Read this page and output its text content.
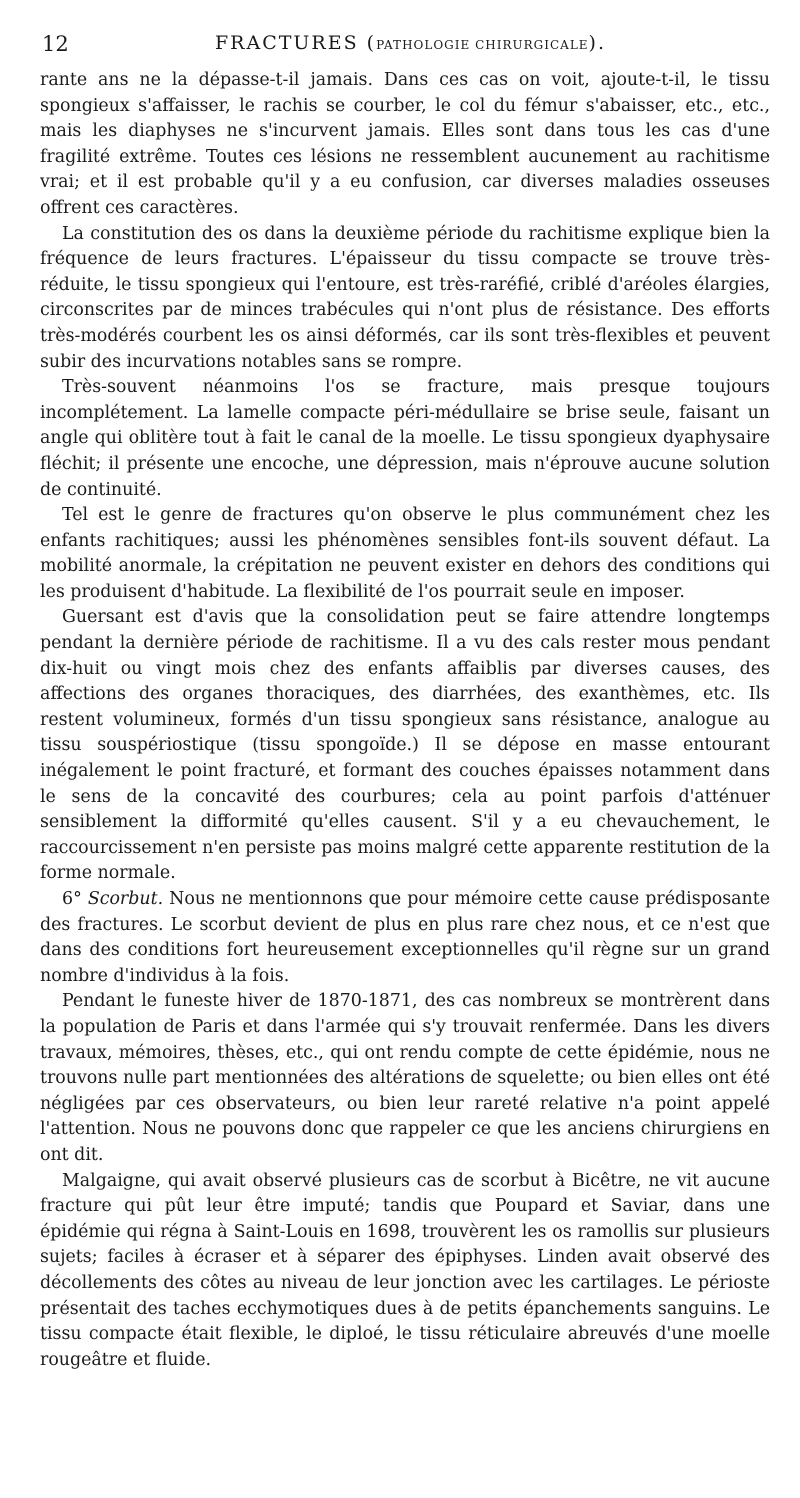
12	FRACTURES (PATHOLOGIE CHIRURGICALE).

rante ans ne la dépasse-t-il jamais. Dans ces cas on voit, ajoute-t-il, le tissu spongieux s'affaisser, le rachis se courber, le col du fémur s'abaisser, etc., etc., mais les diaphyses ne s'incurvent jamais. Elles sont dans tous les cas d'une fragilité extrême. Toutes ces lésions ne ressemblent aucunement au rachitisme vrai; et il est probable qu'il y a eu confusion, car diverses maladies osseuses offrent ces caractères.

La constitution des os dans la deuxième période du rachitisme explique bien la fréquence de leurs fractures. L'épaisseur du tissu compacte se trouve très-réduite, le tissu spongieux qui l'entoure, est très-raréfié, criblé d'aréoles élargies, circonscrites par de minces trabécules qui n'ont plus de résistance. Des efforts très-modérés courbent les os ainsi déformés, car ils sont très-flexibles et peuvent subir des incurvations notables sans se rompre.

Très-souvent néanmoins l'os se fracture, mais presque toujours incomplétement. La lamelle compacte péri-médullaire se brise seule, faisant un angle qui oblitère tout à fait le canal de la moelle. Le tissu spongieux dyaphysaire fléchit; il présente une encoche, une dépression, mais n'éprouve aucune solution de continuité.

Tel est le genre de fractures qu'on observe le plus communément chez les enfants rachitiques; aussi les phénomènes sensibles font-ils souvent défaut. La mobilité anormale, la crépitation ne peuvent exister en dehors des conditions qui les produisent d'habitude. La flexibilité de l'os pourrait seule en imposer.

Guersant est d'avis que la consolidation peut se faire attendre longtemps pendant la dernière période de rachitisme. Il a vu des cals rester mous pendant dix-huit ou vingt mois chez des enfants affaiblis par diverses causes, des affections des organes thoraciques, des diarrhées, des exanthèmes, etc. Ils restent volumineux, formés d'un tissu spongieux sans résistance, analogue au tissu souspériostique (tissu spongoïde.) Il se dépose en masse entourant inégalement le point fracturé, et formant des couches épaisses notamment dans le sens de la concavité des courbures; cela au point parfois d'atténuer sensiblement la difformité qu'elles causent. S'il y a eu chevauchement, le raccourcissement n'en persiste pas moins malgré cette apparente restitution de la forme normale.

6° Scorbut. Nous ne mentionnons que pour mémoire cette cause prédisposante des fractures. Le scorbut devient de plus en plus rare chez nous, et ce n'est que dans des conditions fort heureusement exceptionnelles qu'il règne sur un grand nombre d'individus à la fois.

Pendant le funeste hiver de 1870-1871, des cas nombreux se montrèrent dans la population de Paris et dans l'armée qui s'y trouvait renfermée. Dans les divers travaux, mémoires, thèses, etc., qui ont rendu compte de cette épidémie, nous ne trouvons nulle part mentionnées des altérations de squelette; ou bien elles ont été négligées par ces observateurs, ou bien leur rareté relative n'a point appelé l'attention. Nous ne pouvons donc que rappeler ce que les anciens chirurgiens en ont dit.

Malgaigne, qui avait observé plusieurs cas de scorbut à Bicêtre, ne vit aucune fracture qui pût leur être imputé; tandis que Poupard et Saviar, dans une épidémie qui régna à Saint-Louis en 1698, trouvèrent les os ramollis sur plusieurs sujets; faciles à écraser et à séparer des épiphyses. Linden avait observé des décollements des côtes au niveau de leur jonction avec les cartilages. Le périoste présentait des taches ecchymotiques dues à de petits épanchements sanguins. Le tissu compacte était flexible, le diploé, le tissu réticulaire abreuvés d'une moelle rougeâtre et fluide.
